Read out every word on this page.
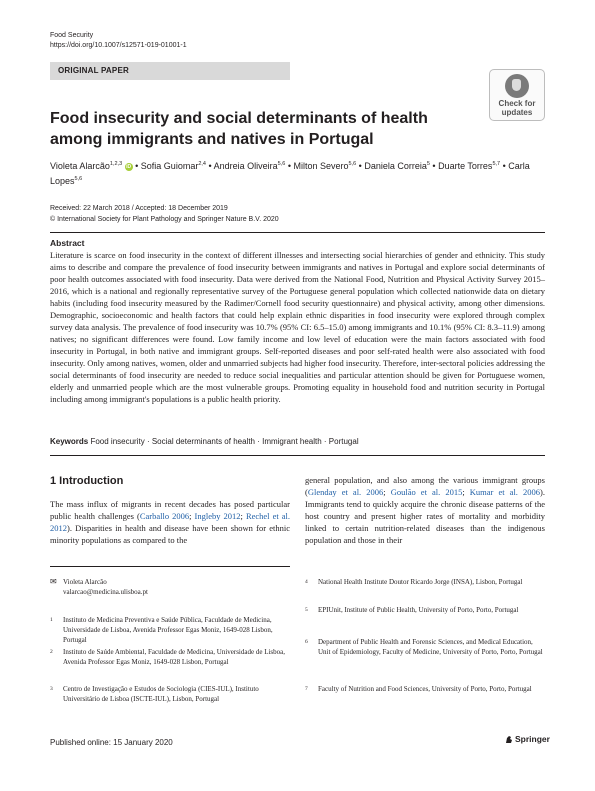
Food Security
https://doi.org/10.1007/s12571-019-01001-1
ORIGINAL PAPER
Check for
updates
Food insecurity and social determinants of health
among immigrants and natives in Portugal
Violeta Alarcão$^{1,2,3}$ iD • Sofia Guiomar$^{2,4}$ • Andreia Oliveira$^{5,6}$ • Milton Severo$^{5,6}$ • Daniela Correia$^5$ • Duarte Torres$^{5,7}$ • Carla Lopes$^{5,6}$
Received: 22 March 2018 / Accepted: 18 December 2019
© International Society for Plant Pathology and Springer Nature B.V. 2020
Abstract
Literature is scarce on food insecurity in the context of different illnesses and intersecting social hierarchies of gender and ethnicity. This study aims to describe and compare the prevalence of food insecurity between immigrants and natives in Portugal and explore social determinants of poor health outcomes associated with food insecurity. Data were derived from the National Food, Nutrition and Physical Activity Survey 2015–2016, which is a national and regionally representative survey of the Portuguese general population which collected nationwide data on dietary habits (including food insecurity measured by the Radimer/Cornell food security questionnaire) and physical activity, among other dimensions. Demographic, socioeconomic and health factors that could help explain ethnic disparities in food insecurity were explored through complex survey data analysis. The prevalence of food insecurity was 10.7% (95% CI: 6.5–15.0) among immigrants and 10.1% (95% CI: 8.3–11.9) among natives; no significant differences were found. Low family income and low level of education were the main factors associated with food insecurity in Portugal, in both native and immigrant groups. Self-reported diseases and poor self-rated health were also associated with food insecurity. Only among natives, women, older and unmarried subjects had higher food insecurity. Therefore, inter-sectoral policies addressing the social determinants of food insecurity are needed to reduce social inequalities and particular attention should be given for Portuguese women, elderly and unmarried people which are the most vulnerable groups. Promoting equality in household food and nutrition security in Portugal including among immigrant's populations is a public health priority.
Keywords Food insecurity · Social determinants of health · Immigrant health · Portugal
1 Introduction
The mass influx of migrants in recent decades has posed particular public health challenges (Carballo 2006; Ingleby 2012; Rechel et al. 2012). Disparities in health and disease have been shown for ethnic minority populations as compared to the
general population, and also among the various immigrant groups (Glenday et al. 2006; Goulão et al. 2015; Kumar et al. 2006). Immigrants tend to quickly acquire the chronic disease patterns of the host country and present higher rates of mortality and morbidity linked to certain nutrition-related diseases than the indigenous population and those in their
✉ Violeta Alarcão
valarcao@medicina.ulisboa.pt
1 Instituto de Medicina Preventiva e Saúde Pública, Faculdade de Medicina, Universidade de Lisboa, Avenida Professor Egas Moniz, 1649-028 Lisbon, Portugal
2 Instituto de Saúde Ambiental, Faculdade de Medicina, Universidade de Lisboa, Avenida Professor Egas Moniz, 1649-028 Lisbon, Portugal
3 Centro de Investigação e Estudos de Sociologia (CIES-IUL), Instituto Universitário de Lisboa (ISCTE-IUL), Lisbon, Portugal
4 National Health Institute Doutor Ricardo Jorge (INSA), Lisbon, Portugal
5 EPIUnit, Institute of Public Health, University of Porto, Porto, Portugal
6 Department of Public Health and Forensic Sciences, and Medical Education, Unit of Epidemiology, Faculty of Medicine, University of Porto, Porto, Portugal
7 Faculty of Nutrition and Food Sciences, University of Porto, Porto, Portugal
Published online: 15 January 2020	Springer
